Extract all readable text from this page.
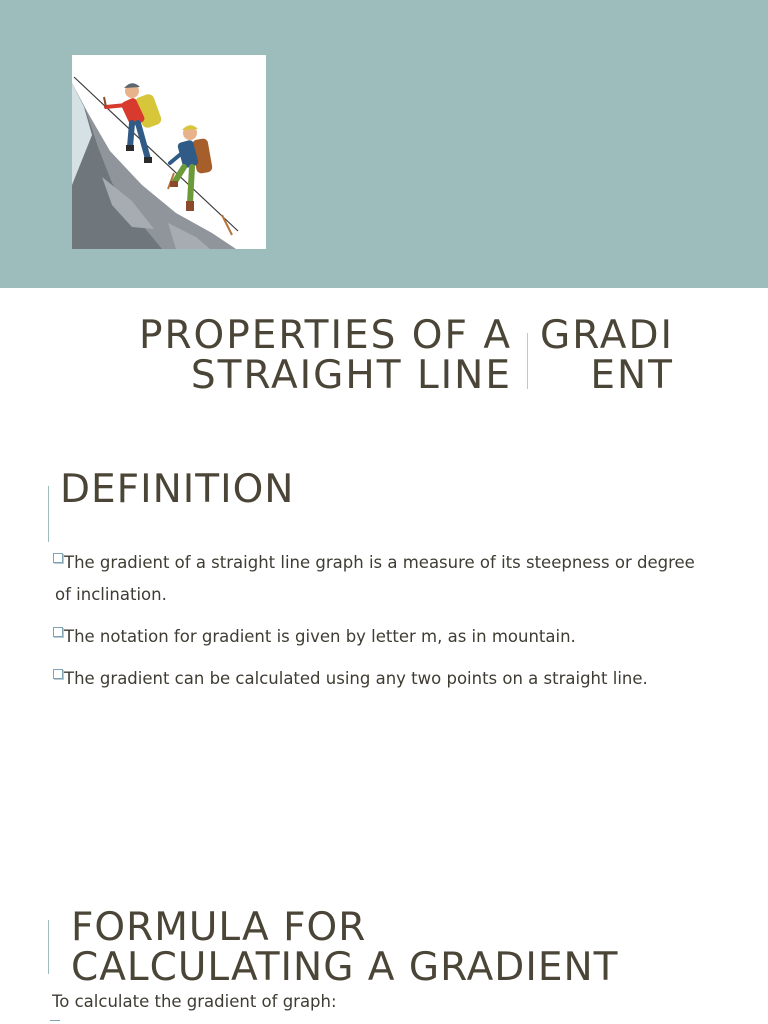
PROPERTIES OF A
STRAIGHT LINE
GRADI
ENT
DEFINITION
The gradient of a straight line graph is a measure of its steepness or degree of inclination.
The notation for gradient is given by letter m, as in mountain.
The gradient can be calculated using any two points on a straight line.
FORMULA FOR
CALCULATING A GRADIENT
To calculate the gradient of graph:
